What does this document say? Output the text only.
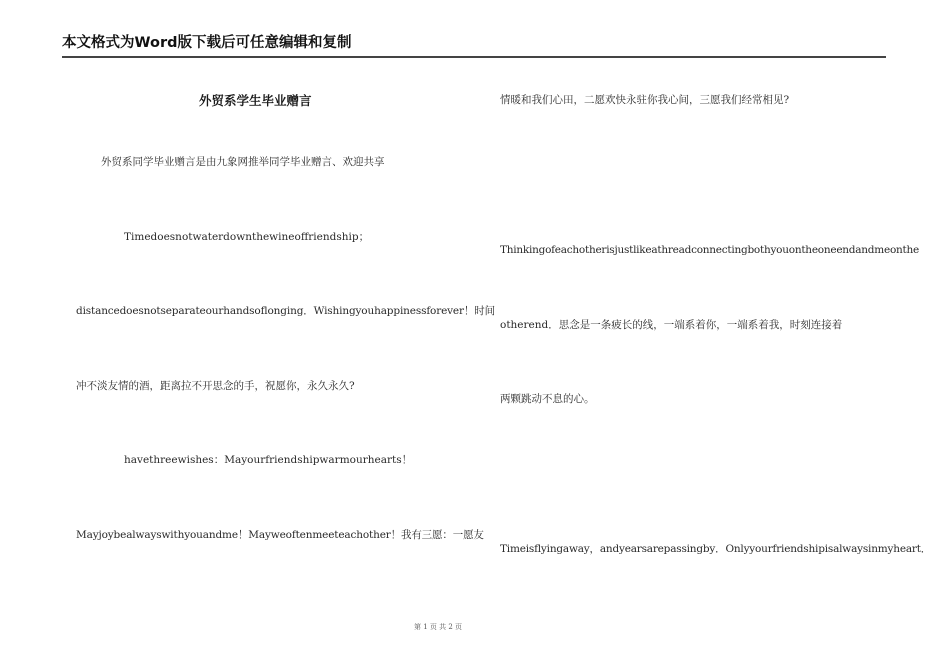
本文格式为Word版下载后可任意编辑和复制
外贸系学生毕业赠言
外贸系同学毕业赠言是由九象网推举同学毕业赠言、欢迎共享
Timedoesnotwaterdownthewineoffriendship；
distancedoesnotseparateourhandsoflonging．Wishingyouhappinessforever！时间
冲不淡友情的酒，距离拉不开思念的手，祝愿你，永久永久?
havethreewishes：Mayourfriendshipwarmourhearts！
Mayjoybealwayswithyouandme！Mayweoftenmeeteachother！我有三愿：一愿友
情暖和我们心田，二愿欢快永驻你我心间，三愿我们经常相见?
Thinkingofeachotherisjustlikeathreadconnectingbothyouontheoneendandmeonthe
otherend．思念是一条疲长的线，一端系着你，一端系着我，时刻连接着
两颗跳动不息的心。
Timeisflyingaway，andyearsarepassingby．Onlyyourfriendshipisalwaysinmyheart．
第 1 页 共 2 页
